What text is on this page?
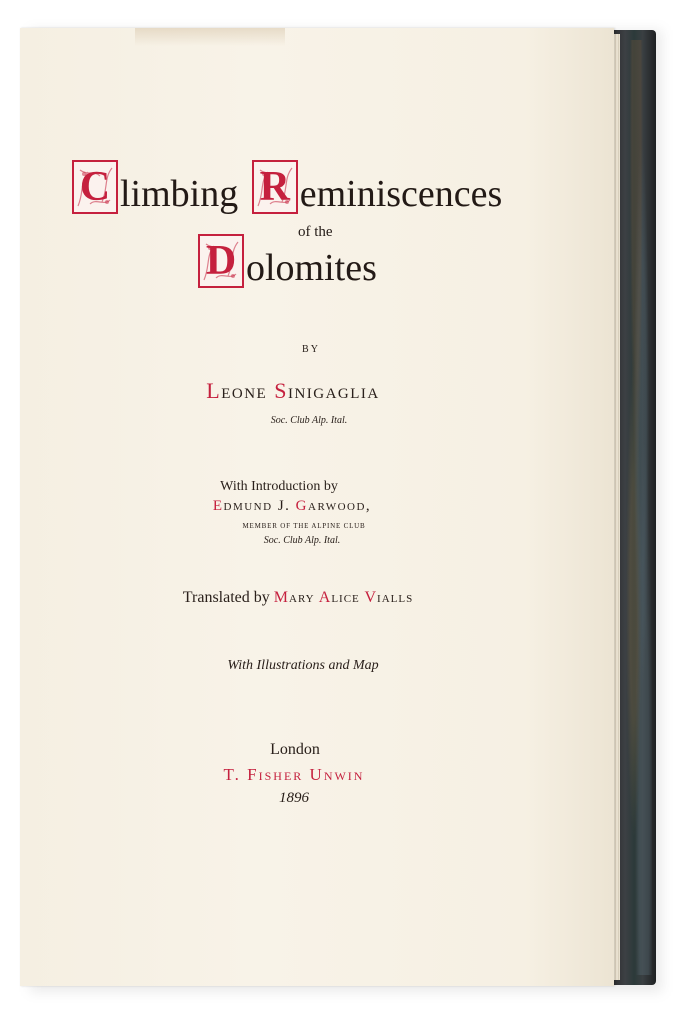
C limbing R eminiscences
of the
D olomites
BY
Leone Sinigaglia
Soc. Club Alp. Ital.
With Introduction by
Edmund J. Garwood,
MEMBER OF THE ALPINE CLUB
Soc. Club Alp. Ital.
Translated by Mary Alice Vialls
With Illustrations and Map
London
T. Fisher Unwin
1896
